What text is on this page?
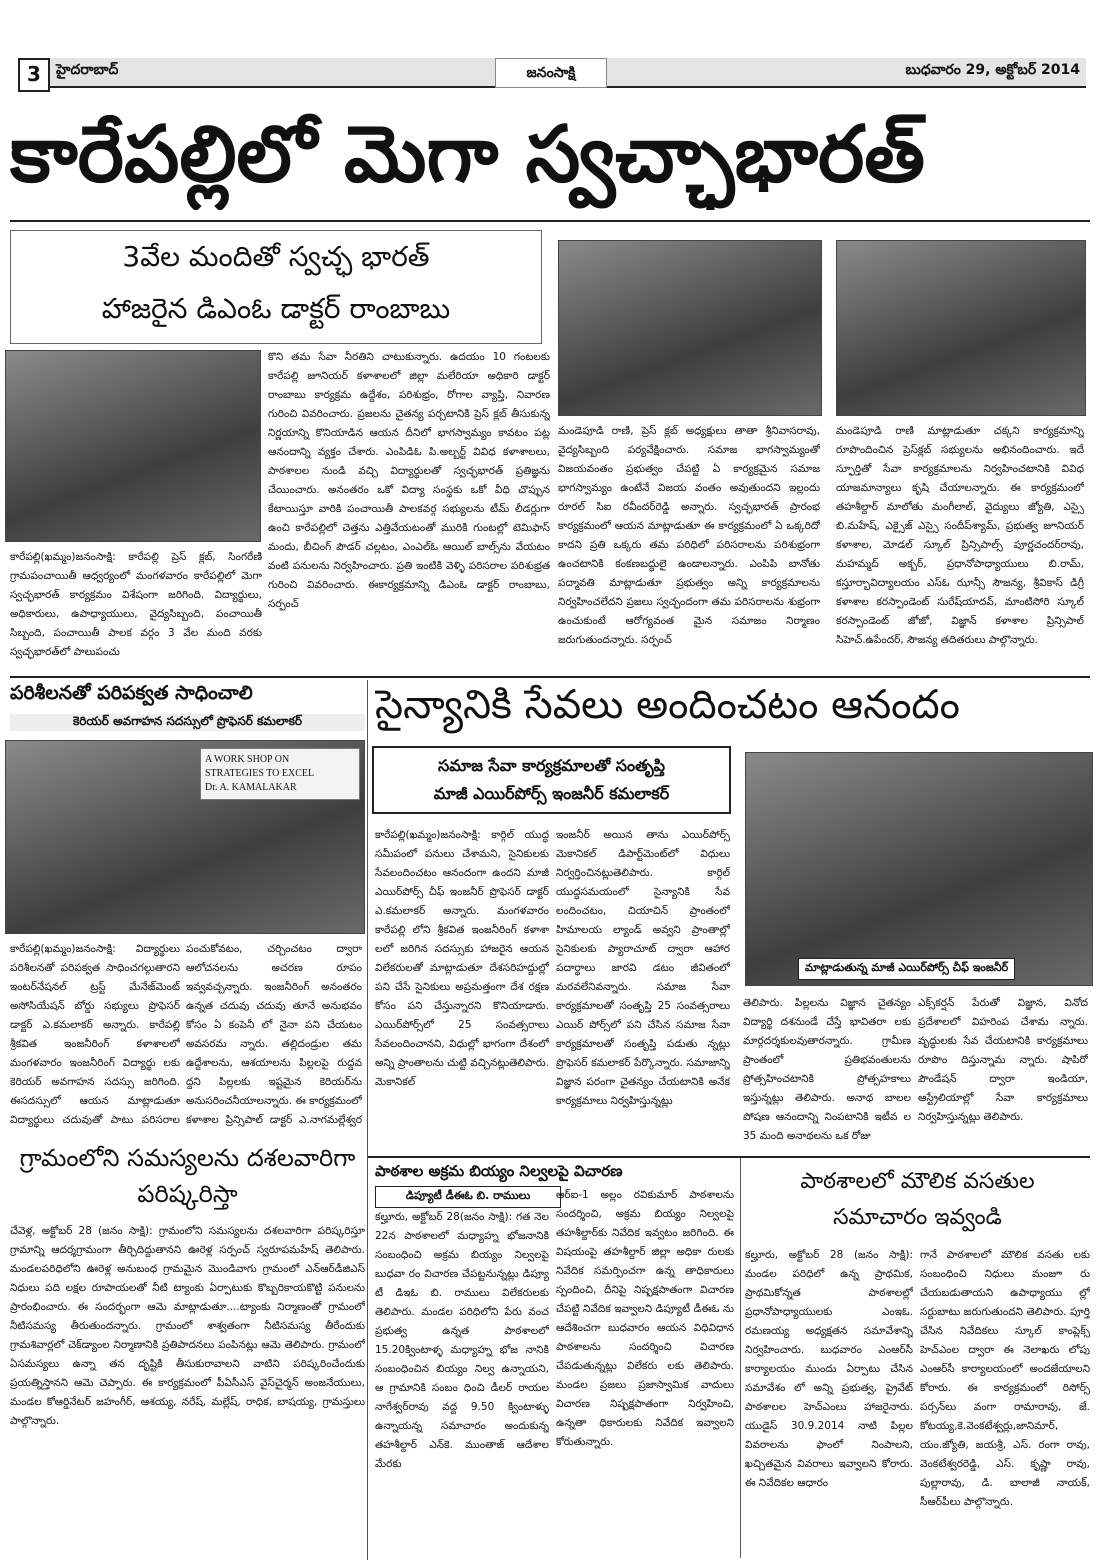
3	హైదరాబాద్	జనంసాక్షి	బుధవారం 29, అక్టోబర్ 2014
కారేపల్లిలో మెగా స్వచ్ఛాభారత్
3వేల మందితో స్వచ్ఛ భారత్
హాజరైన డిఎంఓ డాక్టర్ రాంబాబు
కారేపల్లి(ఖమ్మం)జనంసాక్షి: కారేపల్లి ప్రెస్ క్లబ్, సింగరేణి గ్రామపంచాయితీ ఆధ్వర్యంలో మంగళవారం కారేపల్లిలో మెగా స్వచ్ఛభారత్ కార్యక్రమం విశేషంగా జరిగింది. విద్యార్థులు, అధికారులు, ఉపాధ్యాయులు, వైద్యసిబ్బంది, పంచాయితీ సిబ్బంది, పంచాయితీ పాలక వర్గం 3 వేల మంది వరకు స్వచ్ఛభారత్‌లో పాలుపంచు
కొని తమ సేవా నీరతిని చాటుకున్నారు. ఉదయం 10 గంటలకు కారేపల్లి జూనియర్ కళాశాలలో జిల్లా మలేరియా అధికారి డాక్టర్ రాంబాబు కార్యక్రమ ఉద్దేశం, పరిశుభ్రం, రోగాల వ్యాప్తి, నివారణ గురించి వివరించారు. ప్రజలను చైతన్య పర్చటానికి ప్రెస్ క్లబ్ తీసుకున్న నిర్ణయాన్ని కొనియాడిన ఆయన దీనిలో భాగస్వామ్యం కావటం పట్ల ఆనందాన్ని వ్యక్తం చేశారు. ఎంపిడిఓ పి.అల్బర్ట్ వివిధ కళాశాలలు, పాఠశాలల నుండి వచ్చి విద్యార్థులతో స్వచ్ఛభారత్ ప్రతిజ్ఞను చేయించారు. అనంతరం ఒకో విద్యా సంస్థకు ఒకో వీధి చొప్పున కేటాయిస్తూ వారికి పంచాయితీ పాలకవర్గ సభ్యులను టీమ్ లీడర్లుగా ఉంచి కారేపల్లిలో చెత్తను ఎత్తివేయటంతో మురికి గుంటల్లో టెమిఫాస్ మందు, బీచింగ్ పౌడర్ చల్లటం, ఎంఎల్‌ఓ ఆయిల్ బాల్స్‌ను వేయటం వంటి పనులను నిర్వహించారు. ప్రతి ఇంటికి వెళ్ళి పరిసరాల పరిశుభ్రత గురించి వివరించారు. ఈకార్యక్రమాన్ని డిఎంఓ డాక్టర్ రాంబాబు, సర్పంచ్
మండెపూడి రాణి, ప్రెస్ క్లబ్ అధ్యక్షులు తాతా శ్రీనివాసరావు, వైద్యసిబ్బంది పర్యవేక్షించారు. సమాజ భాగస్వామ్యంతో విజయవంతం ప్రభుత్వం చేపట్టి ఏ కార్యక్రమైన సమాజ భాగస్వామ్యం ఉంటేనే విజయ వంతం అవుతుందని ఇల్లందు రూరల్ సిఐ రవీందర్‌రెడ్డి అన్నారు. స్వచ్ఛభారత్ ప్రారంభ కార్యక్రమంలో ఆయన మాట్లాడుతూ ఈ కార్యక్రమంలో ఏ ఒక్కరిదో కాదని ప్రతి ఒక్కరు తమ పరిధిలో పరిసరాలను పరిశుభ్రంగా ఉంచటానికి కంకణబద్ధులై ఉండాలన్నారు. ఎంపిపి బానోతు పద్మావతి మాట్లాడుతూ ప్రభుత్వం అన్ని కార్యక్రమాలను నిర్వహించలేదని ప్రజలు స్వచ్ఛందంగా తమ పరిసరాలను శుభ్రంగా ఉంచుకుంటే ఆరోగ్యవంత మైన సమాజం నిర్మాణం జరుగుతుందన్నారు. సర్పంచ్
మండెపూడి రాణి మాట్లాడుతూ చక్కని కార్యక్రమాన్ని రూపొందించిన ప్రెస్‌క్లబ్ సభ్యులను అభినందించారు. ఇదే స్ఫూర్తితో సేవా కార్యక్రమాలను నిర్వహించటానికి వివిధ యాజమాన్యాలు కృషి చేయాలన్నారు. ఈ కార్యక్రమంలో తహశీల్దార్ మాలోతు మంగీలాల్, వైద్యులు జ్యోతి, ఎస్సై బి.మహేష్, ఎక్సైజ్ ఎస్సై సందీప్‌శ్యామ్, ప్రభుత్వ జూనియర్ కళాశాల, మోడల్ స్కూల్ ప్రిన్సిపాల్స్ పూర్ణచందర్‌రావు, మహమ్మద్ అక్బర్, ప్రధానోపాధ్యాయులు బి.రామ్, కస్తూర్బావిద్యాలయం ఎస్‌ఓ ఝాన్సీ సౌజన్య, శ్రీవికాస్ డిగ్రీ కళాశాల కరస్పాండెంట్ సురేష్‌యాదవ్, మాంటిసోరి స్కూల్ కరస్పాండెంట్ జోజో, విజ్ఞాన్ కళాశాల ప్రిన్సిపాల్ సిహెచ్.ఉపేందర్, సౌజన్య తదితరులు పాల్గొన్నారు.
పరిశీలనతో పరిపక్వత సాధించాలి
కెరియర్ అవగాహన సదస్సులో ప్రొఫెసర్ కమలాకర్
A WORK SHOP ON
STRATEGIES TO EXCEL
Dr. A. KAMALAKAR
కారేపల్లి(ఖమ్మం)జనంసాక్షి: విద్యార్థులు పరిశీలనతో పరిపక్వత సాధించగల్గుతారని ఇంటర్‌నేషనల్ ట్రస్ట్ మేనేజ్‌మెంట్ అసోసియేషన్ బోర్డు సభ్యులు ప్రొఫెసర్ డాక్టర్ ఎ.కమలాకర్ అన్నారు. కారేపల్లి శ్రీకవిత ఇంజనీరింగ్ కళాశాలలో మంగళవారం ఇంజనీరింగ్ విద్యార్థు లకు కెరియర్ అవగాహన సదస్సు జరిగింది. ఈసదస్సులో ఆయన మాట్లాడుతూ విద్యార్థులు చదువుతో పాటు పరిసరాల
పంచుకోవటం, చర్చించటం ద్వారా ఆలోచనలను అచరణ రూపం ఇవ్వవచ్చన్నారు. ఇంజనీరింగ్ అనంతరం ఉన్నత చదువు చదువు తూనే అనుభవం కోసం ఏ కంపెనీ లో నైనా పని చేయటం అవసరమ న్నారు. తల్లిదండ్రుల తమ ఉద్దేశాలను, ఆశయాలను పిల్లలపై రుద్దవ ద్దని పిల్లలకు ఇష్టమైన కెరియర్‌ను అనుసరించనీయాలన్నారు. ఈ కార్యక్రమంలో కళాశాల ప్రిన్సిపాల్ డాక్టర్ ఎ.నాగమల్లేశ్వర
సైన్యానికి సేవలు అందించటం ఆనందం
సమాజ సేవా కార్యక్రమాలతో సంతృప్తి
మాజీ ఎయిర్‌పోర్స్ ఇంజనీర్ కమలాకర్
మాట్లాడుతున్న మాజీ ఎయిర్‌పోర్స్ చీఫ్ ఇంజనీర్
కారేపల్లి(ఖమ్మం)జనంసాక్షి: కార్గిల్ యుద్ధ సమీపంలో పనులు చేశామని, సైనికులకు సేవలందించటం ఆనందంగా ఉందని మాజీ ఎయిర్‌పోర్స్ చీఫ్ ఇంజనీర్ ప్రొఫెసర్ డాక్టర్ ఎ.కమలాకర్ అన్నారు. మంగళవారం కారేపల్లి లోని శ్రీకవిత ఇంజనీరింగ్ కళాశా లలో జరిగిన సదస్సుకు హాజరైన ఆయన విలేకరులతో మాట్లాడుతూ దేశసరిహద్దుల్లో పని చేసే సైనికులు అప్రమత్తంగా దేశ ర‌క్షణ కోసం పని చేస్తున్నారని కొనియాడారు. ఎయిర్‌పోర్స్‌లో 25 సంవత్సరాలు సేవలందించానని, విధుల్లో భాగంగా దేశంలో అన్ని ప్రాంతాలను చుట్టి వచ్చినట్లుతెలిపారు. మెకానికల్
ఇంజనీర్ అయిన తాను ఎయిర్‌పోర్స్ మెకానికల్ డిపార్ట్‌మెంట్‌లో విధులు నిర్వర్తించినట్లుతెలిపారు. కార్గిల్ యుద్ధసమయంలో సైన్యానికి సేవ లందించటం, చియాచిన్ ప్రాంతంలో హిమాలయ ల్యాండ్ అవ్వని ప్రాంతాల్లో సైనికులకు ప్యారాచూట్ ద్వారా ఆహార పదార్థాలు జారవి డటం జీవితంలో మరవలేనివన్నారు. సమాజ సేవా కార్యక్రమాలతో సంతృప్తి 25 సంవత్సరాలు ఎయిర్ పోర్స్‌లో పని చేసిన సమాజ సేవా కార్యక్రమాలతో సంతృప్తి పడుతు న్నట్లు ప్రొఫెసర్ కమలాకర్ పేర్కొన్నారు. సమాజాన్ని విజ్ఞాన పరంగా చైతన్యం చేయటానికి అనేక కార్యక్రమాలు నిర్వహిస్తున్నట్లు
తెలిపారు. పిల్లలను విజ్ఞాన చైతన్యం విద్యార్థి దశనుండే చేస్తే భావితరా లకు మార్గదర్శకులవుతారన్నారు. గ్రామీణ ప్రాంతంలో ప్రతిభవంతులను ప్రోత్సహించటానికి ప్రోత్సహకాలు ఇస్తున్నట్లు తెలిపారు. అనాథ బాలల పోషణ ఆనందాన్ని నింపటానికి ఇటీవ ల 35 మంది అనాథలను ఒక రోజు
ఎక్స్‌కర్షన్ పేరుతో విజ్ఞాన, వినోద ప్రదేశాలలో విహరింప చేశామ న్నారు. వృద్ధులకు సేవ చేయటానికి కార్యక్రమాలు రూపొం దిస్తున్నామ న్నారు. షాపిరో పౌండేషన్ ద్వారా ఇండియా, ఆస్ట్రేలియాల్లో సేవా కార్యక్రమాలు నిర్వహిస్తున్నట్లు తెలిపారు.
గ్రామంలోని సమస్యలను దశలవారిగా పరిష్కరిస్తా
చేవెళ్ల, అక్టోబర్ 28 (జనం సాక్షి): గ్రామంలోని సమస్యలను దశలవారిగా పరిష్కరిస్తూ గ్రామాన్ని ఆదర్శగ్రామంగా తీర్చిదిద్దుతానని ఊరెళ్ల సర్పంచ్ స్వరూపమహేష్ తెలిపారు. మండలపరిధిలోని ఊరెళ్ల అనుబంధ గ్రామమైన మొండివాగు గ్రామంలో ఎన్‌ఆర్‌డీజిఎస్ నిధులు పది లక్షల రూపాయలతో నీటి ట్యాంకు ఏర్పాటుకు కొబ్బరికాయకొట్టి పనులను ప్రారంభించారు. ఈ సందర్భంగా ఆమె మాట్లాడుతూ....ట్యాంకు నిర్మాణంతో గ్రామంలో నీటిసమస్య తీరుతుందన్నారు. గ్రామంలో శాశ్వతంగా నీటిసమస్య తీరేందుకు గ్రామశివార్లలో చెక్‌డ్యాంల నిర్మాణానికి ప్రతిపాదనలు పంపినట్లు ఆమె తెలిపారు. గ్రామంలో ఏసమస్యలు ఉన్నా తన దృష్టికి తీసుకురావాలని వాటిని పరిష్కరించేందుకు ప్రయత్నిస్తానని ఆమె చెప్పారు. ఈ కార్యక్రమంలో పీఏసీఎస్ వైస్‌చైర్మన్ అంజనేయులు, మండల కోఆర్డినేటర్ జహంగీర్, ఆశయ్య, నరేష్, మల్లేష్, రాధిక, బాషయ్య, గ్రామస్తులు పాల్గొన్నారు.
పాఠశాల అక్రమ బియ్యం నిల్వలపై విచారణ
డిప్యూటీ డీఈఓ బి. రాములు
కల్హూరు, అక్టోబర్ 28(జనం సాక్షి): గత నెల 22న పాఠశాలలో మధ్యాహ్న భోజనానికి సంబంధించి అక్రమ బియ్యం నిల్వలపై బుధవా రం విచారణ చేపట్టనున్నట్లు డిప్యూ టీ డిఇఓ బి. రాములు విలేకరులకు తెలిపారు. మండల పరిధిలోని పేరు వంచ ప్రభుత్వ ఉన్నత పాఠశాలలో 15.20క్వింటాళ్ళ మధ్యాహ్న భోజ నానికి సంబంధించిన బియ్యం నిల్వ ఉన్నాయని, ఆ గ్రామానికి సంబం ధించి డీలర్ రాయల నాగేశ్వర్‌రావు వద్ద 9.50 క్వింటాళ్ళు ఉన్నాయన్న సమాచారం అందుకున్న తహశీల్దార్ ఎన్‌కె. ముంతాజ్ ఆదేశాల మేరకు
ఆర్‌ఐ-1 అల్లం రవికుమార్ పాఠశాలను సందర్శించి, అక్రమ బియ్యం నిల్వలపై తహశీల్దార్‌కు నివేదిక ఇవ్వటం జరిగింది. ఈ విషయంపై తహశీల్దార్ జిల్లా అధికా రులకు నివేదిక సమర్పించగా ఉన్న తాధికారులు స్పందించి, దీనిపై నిష్పక్షపాతంగా విచారణ చేపట్టి నివేదిక ఇవ్వాలని డిప్యూటీ డీఈఓ ను ఆదేశించగా బుధవారం ఆయన విధివిధాన పాఠశాలను సందర్శించి విచారణ చేపడుతున్నట్లు విలేకరు లకు తెలిపారు. మండల ప్రజలు ప్రజాస్వామిక వాదులు విచారణ నిష్పక్షపాతంగా నిర్వహించి, ఉన్నతా ధికారులకు నివేదిక ఇవ్వాలని కోరుతున్నారు.
పాఠశాలలో మౌలిక వసతుల
సమాచారం ఇవ్వండి
కల్హూరు, అక్టోబర్ 28 (జనం సాక్షి): మండల పరిధిలో ఉన్న ప్రాథమిక, ప్రాథమికోన్నత పాఠశాలల్లో ప్రధానోపాధ్యాయులకు ఎంఇఓ. రమణయ్య అధ్యక్షతన సమావేశాన్ని నిర్వహించారు. బుధవారం ఎంఆర్‌సీ కార్యాలయం ముందు ఏర్పాటు చేసిన సమావేశం లో అన్ని ప్రభుత్వ, ప్రైవేట్ పాఠశాలల హెచ్‌ఎంలు హాజరైనారు. యుడైస్ 30.9.2014 నాటి పిల్లల వివరాలను ఫాంలో నింపాలని, ఖచ్చితమైన వివరాలు ఇవ్వాలని కోరారు. ఈ నివేదికల ఆధారం
గానే పాఠశాలలో మౌలిక వసతు లకు సంబంధించి నిధులు మంజూ రు చేయబడుతాయని ఉపాధ్యాయు ల్లో సర్దుబాటు జరుగుతుందని తెలిపారు. పూర్తి చేసిన నివేదికలు స్కూల్ కాంప్లెక్స్ హెచ్‌ఎంల ద్వారా ఈ నెలాఖరు లోపు ఎంఆర్‌సీ కార్యాలయంలో అందజేయాలని కోరారు. ఈ కార్యక్రమంలో రిసోర్స్ పర్సన్‌లు వంగా రామారావు, జే. కోటయ్య,కె.వెంకటేశ్వర్లు,జానిమార్, యం.జ్యోతి, జయశ్రీ, ఎస్. రంగా రావు, వెంకటేశ్వరరెడ్డి, ఎస్. కృష్ణా రావు, పుల్లారావు, డి. బాలాజీ నాయక్, సీఆర్‌పీలు పాల్గొన్నారు.
